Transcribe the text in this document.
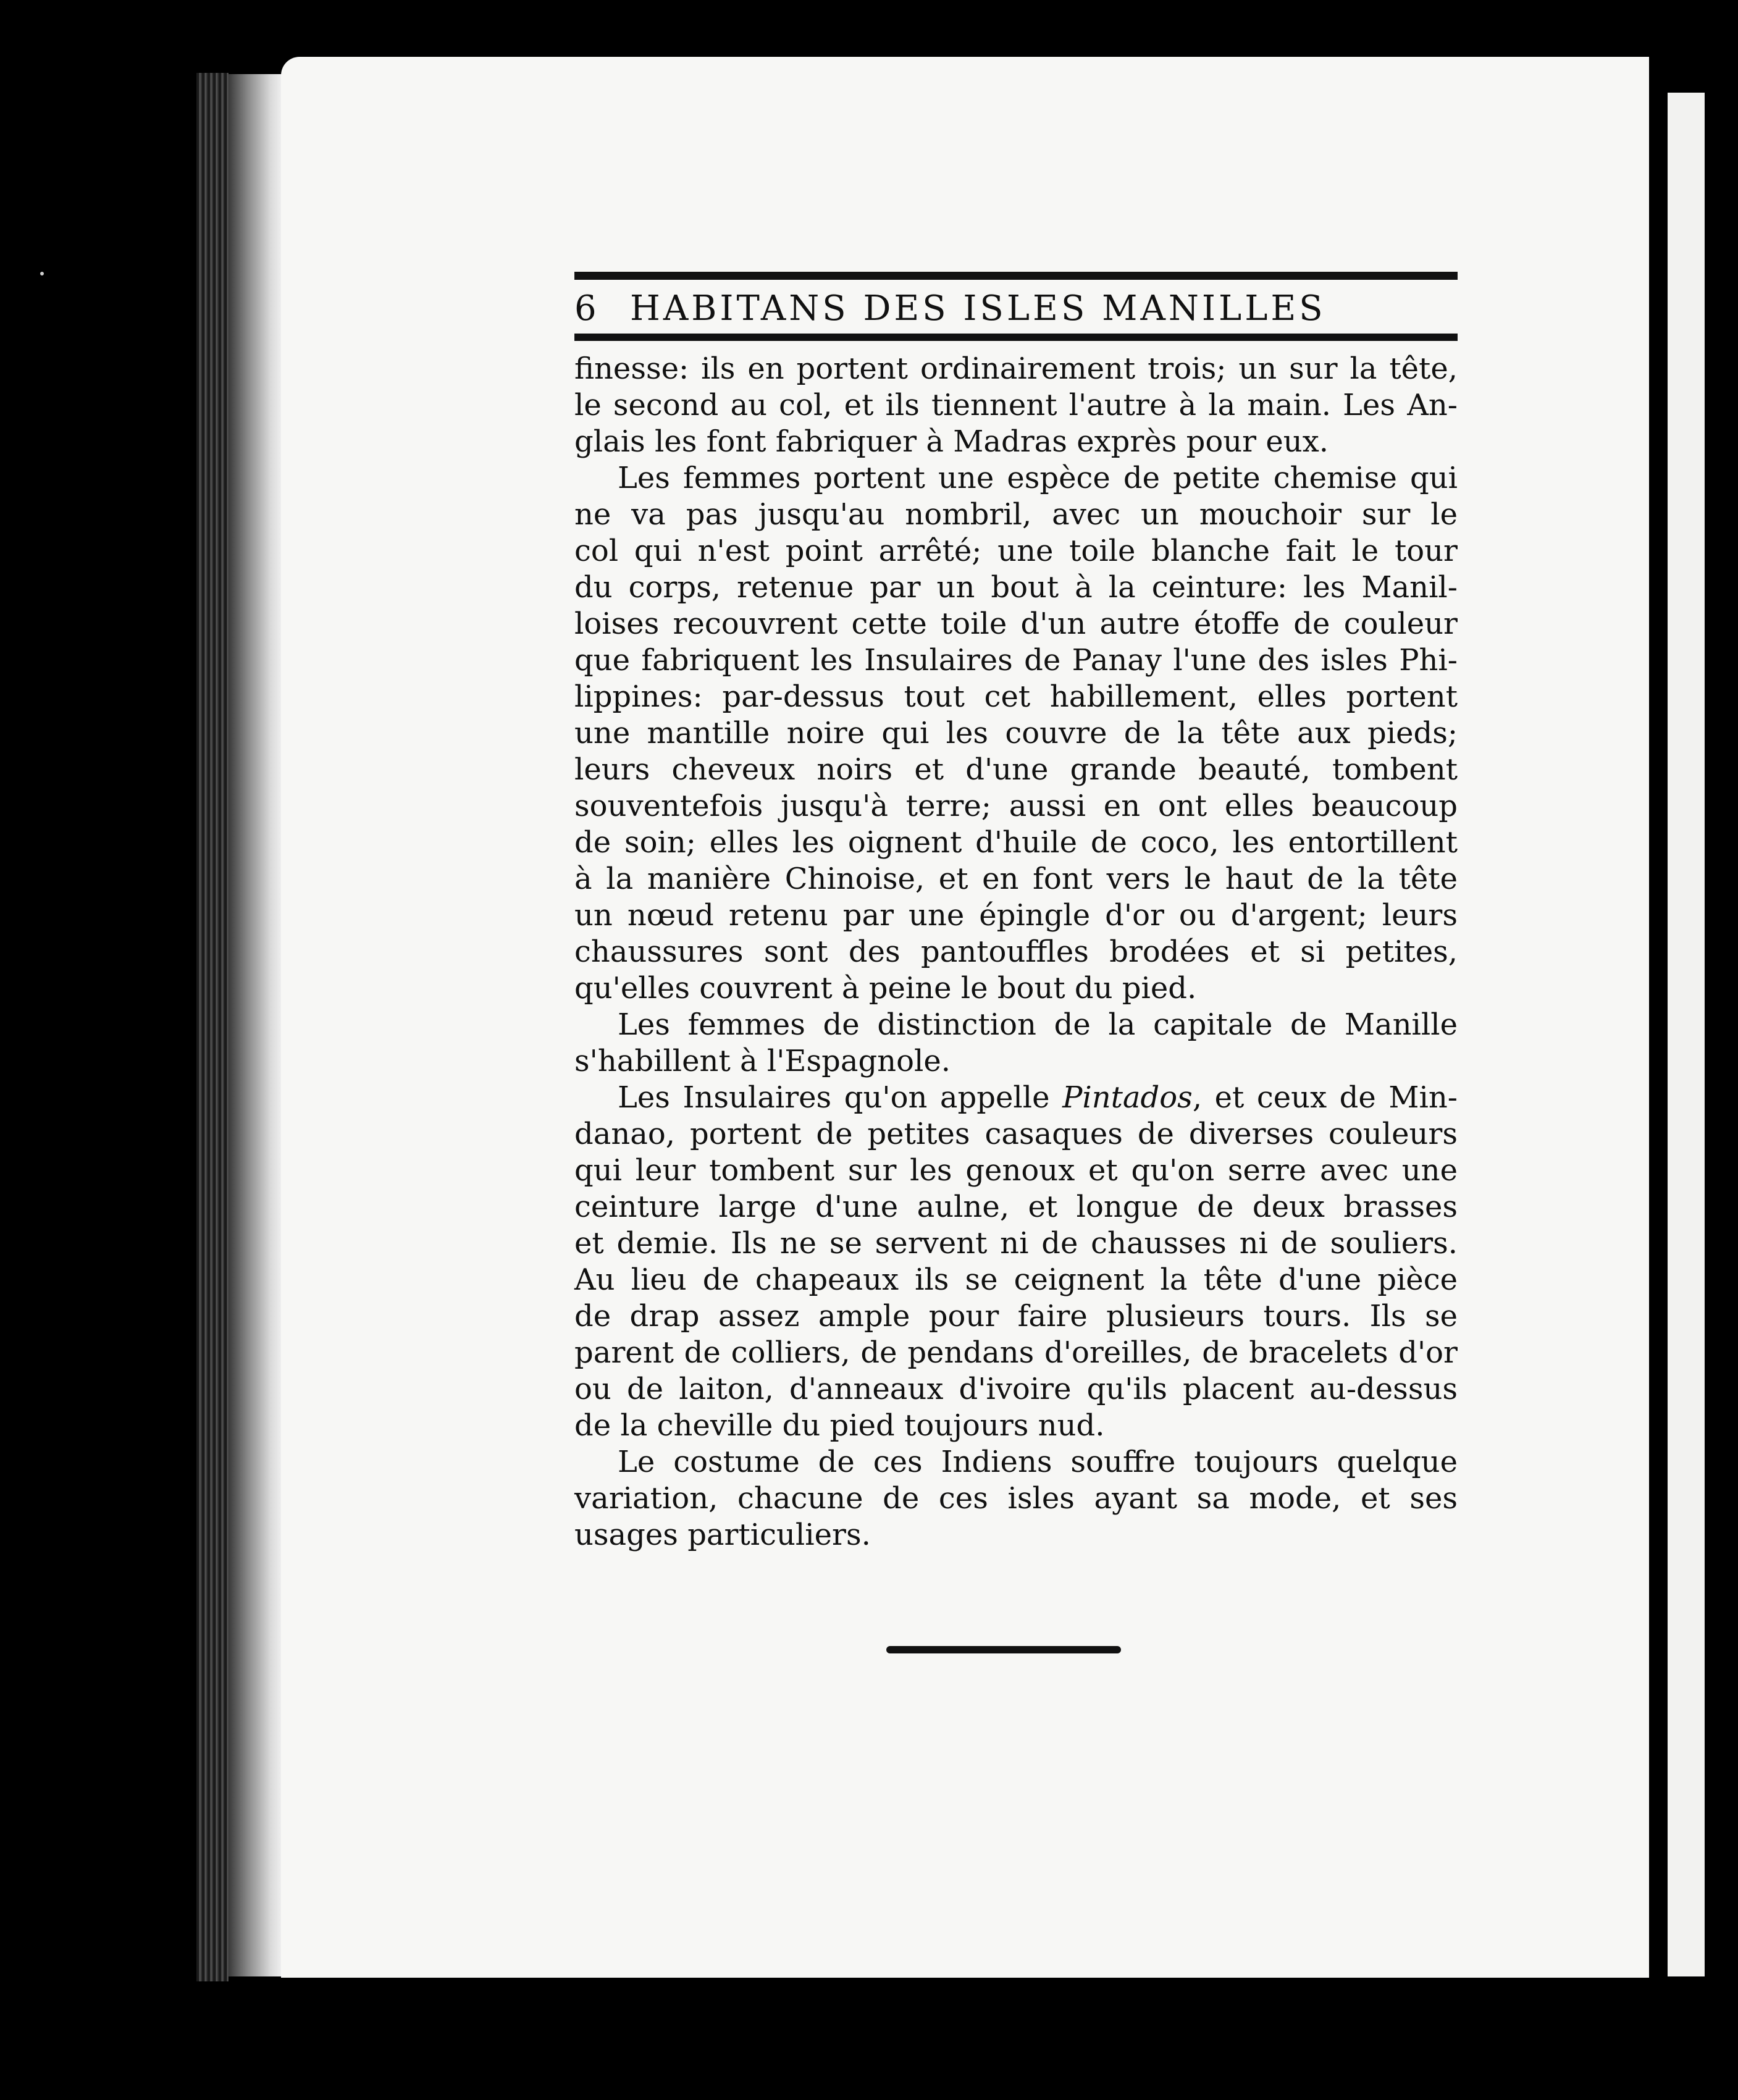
6 HABITANS DES ISLES MANILLES
finesse: ils en portent ordinairement trois; un sur la tête,
le second au col, et ils tiennent l'autre à la main. Les An-
glais les font fabriquer à Madras exprès pour eux.
Les femmes portent une espèce de petite chemise qui
ne va pas jusqu'au nombril, avec un mouchoir sur le
col qui n'est point arrêté; une toile blanche fait le tour
du corps, retenue par un bout à la ceinture: les Manil-
loises recouvrent cette toile d'un autre étoffe de couleur
que fabriquent les Insulaires de Panay l'une des isles Phi-
lippines: par-dessus tout cet habillement, elles portent
une mantille noire qui les couvre de la tête aux pieds;
leurs cheveux noirs et d'une grande beauté, tombent
souventefois jusqu'à terre; aussi en ont elles beaucoup
de soin; elles les oignent d'huile de coco, les entortillent
à la manière Chinoise, et en font vers le haut de la tête
un nœud retenu par une épingle d'or ou d'argent; leurs
chaussures sont des pantouffles brodées et si petites,
qu'elles couvrent à peine le bout du pied.
Les femmes de distinction de la capitale de Manille
s'habillent à l'Espagnole.
Les Insulaires qu'on appelle Pintados, et ceux de Min-
danao, portent de petites casaques de diverses couleurs
qui leur tombent sur les genoux et qu'on serre avec une
ceinture large d'une aulne, et longue de deux brasses
et demie. Ils ne se servent ni de chausses ni de souliers.
Au lieu de chapeaux ils se ceignent la tête d'une pièce
de drap assez ample pour faire plusieurs tours. Ils se
parent de colliers, de pendans d'oreilles, de bracelets d'or
ou de laiton, d'anneaux d'ivoire qu'ils placent au-dessus
de la cheville du pied toujours nud.
Le costume de ces Indiens souffre toujours quelque
variation, chacune de ces isles ayant sa mode, et ses
usages particuliers.
